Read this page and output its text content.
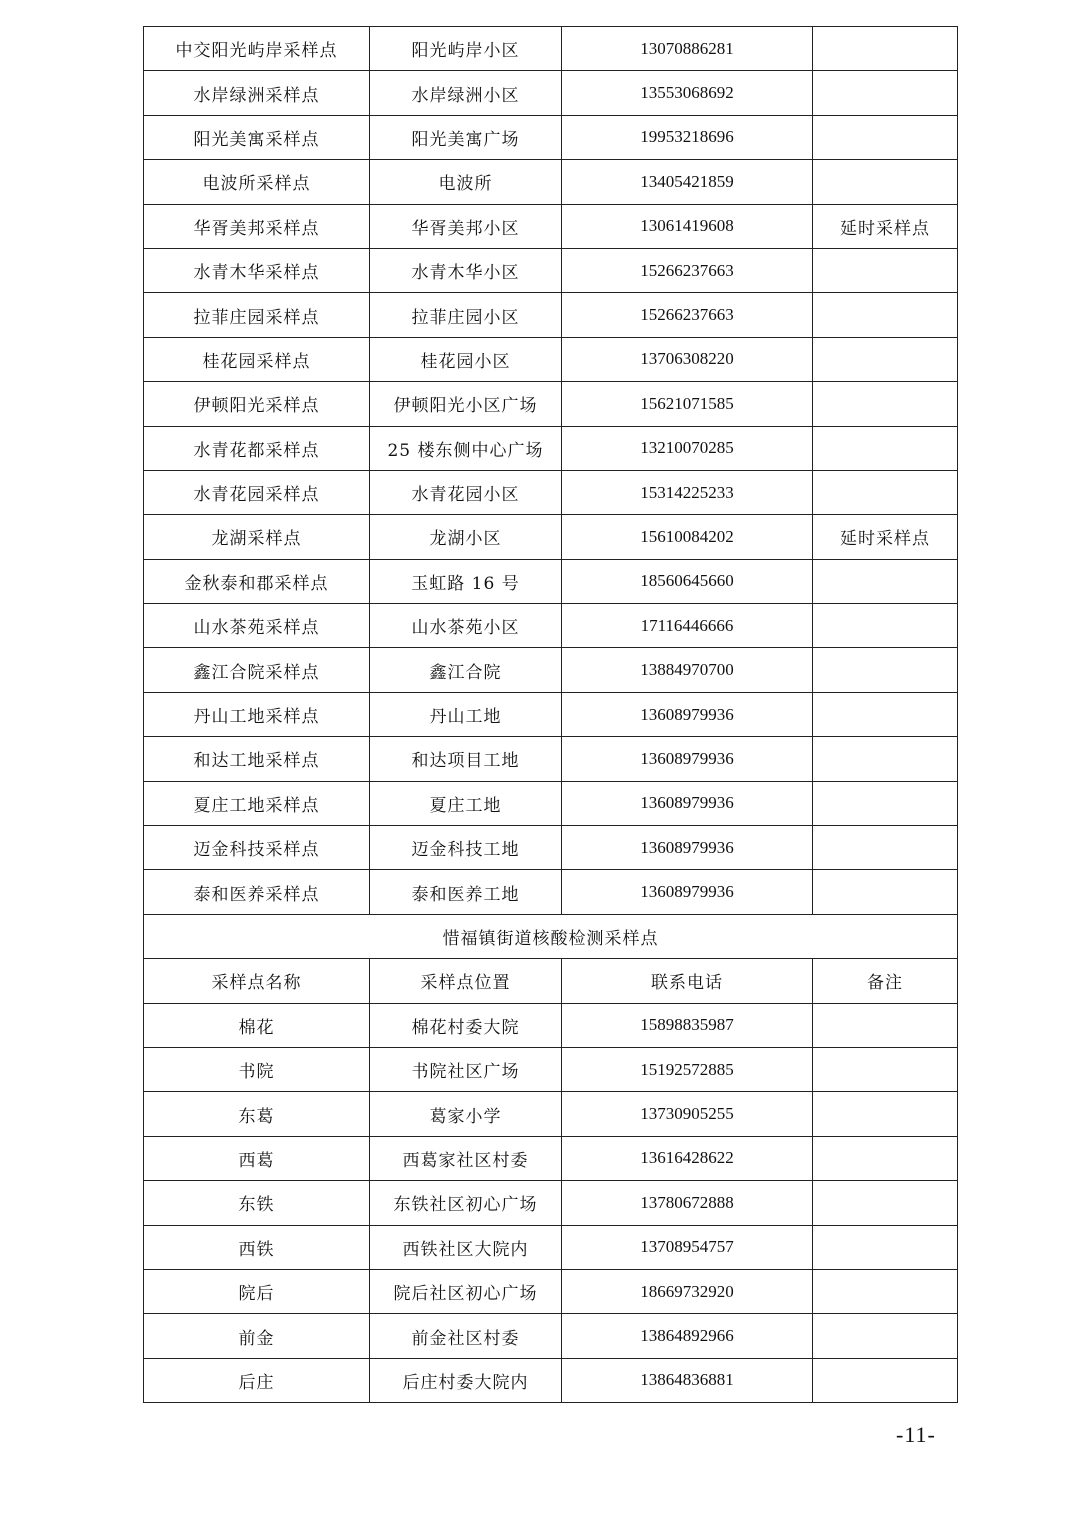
中交阳光屿岸采样点	阳光屿岸小区	13070886281	
水岸绿洲采样点	水岸绿洲小区	13553068692	
阳光美寓采样点	阳光美寓广场	19953218696	
电波所采样点	电波所	13405421859	
华胥美邦采样点	华胥美邦小区	13061419608	延时采样点
水青木华采样点	水青木华小区	15266237663	
拉菲庄园采样点	拉菲庄园小区	15266237663	
桂花园采样点	桂花园小区	13706308220	
伊顿阳光采样点	伊顿阳光小区广场	15621071585	
水青花都采样点	25 楼东侧中心广场	13210070285	
水青花园采样点	水青花园小区	15314225233	
龙湖采样点	龙湖小区	15610084202	延时采样点
金秋泰和郡采样点	玉虹路 16 号	18560645660	
山水茶苑采样点	山水茶苑小区	17116446666	
鑫江合院采样点	鑫江合院	13884970700	
丹山工地采样点	丹山工地	13608979936	
和达工地采样点	和达项目工地	13608979936	
夏庄工地采样点	夏庄工地	13608979936	
迈金科技采样点	迈金科技工地	13608979936	
泰和医养采样点	泰和医养工地	13608979936	
惜福镇街道核酸检测采样点			
采样点名称	采样点位置	联系电话	备注
棉花	棉花村委大院	15898835987	
书院	书院社区广场	15192572885	
东葛	葛家小学	13730905255	
西葛	西葛家社区村委	13616428622	
东铁	东铁社区初心广场	13780672888	
西铁	西铁社区大院内	13708954757	
院后	院后社区初心广场	18669732920	
前金	前金社区村委	13864892966	
后庄	后庄村委大院内	13864836881	
-11-
